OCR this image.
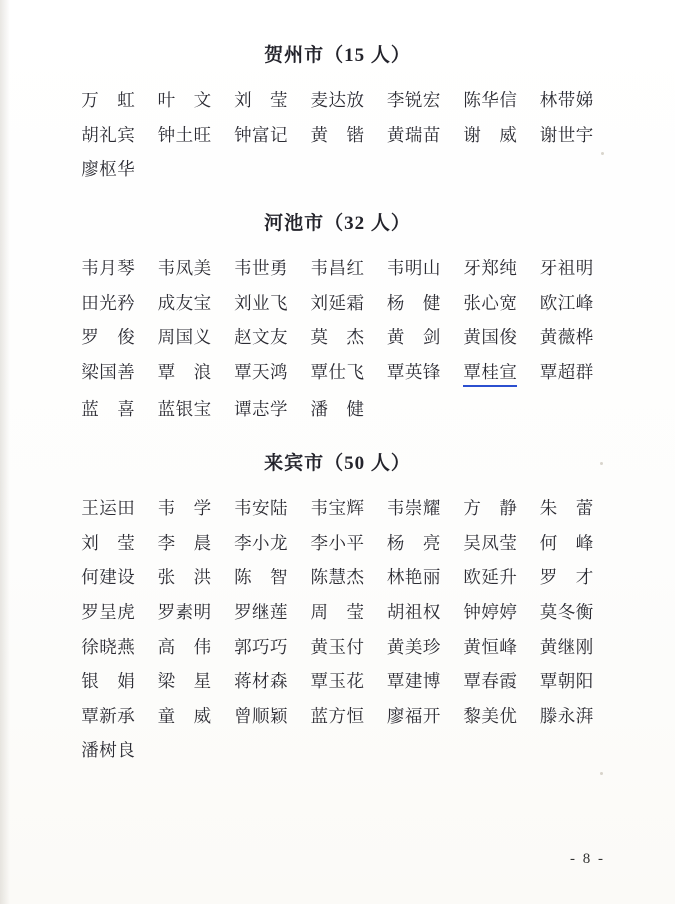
贺州市（15 人）
万　虹	叶　文	刘　莹	麦达放	李锐宏	陈华信	林带娣
胡礼宾	钟土旺	钟富记	黄　锴	黄瑞苗	谢　威	谢世宇
廖枢华
河池市（32 人）
韦月琴	韦凤美	韦世勇	韦昌红	韦明山	牙郑纯	牙祖明
田光矜	成友宝	刘业飞	刘延霜	杨　健	张心宽	欧江峰
罗　俊	周国义	赵文友	莫　杰	黄　剑	黄国俊	黄薇桦
梁国善	覃　浪	覃天鸿	覃仕飞	覃英锋	覃桂宣	覃超群
蓝　喜	蓝银宝	谭志学	潘　健
来宾市（50 人）
王运田	韦　学	韦安陆	韦宝辉	韦崇耀	方　静	朱　蕾
刘　莹	李　晨	李小龙	李小平	杨　亮	吴凤莹	何　峰
何建设	张　洪	陈　智	陈慧杰	林艳丽	欧延升	罗　才
罗呈虎	罗素明	罗继莲	周　莹	胡祖权	钟婷婷	莫冬衡
徐晓燕	高　伟	郭巧巧	黄玉付	黄美珍	黄恒峰	黄继刚
银　娟	梁　星	蒋材森	覃玉花	覃建博	覃春霞	覃朝阳
覃新承	童　威	曾顺颖	蓝方恒	廖福开	黎美优	滕永湃
潘树良
- 8 -
